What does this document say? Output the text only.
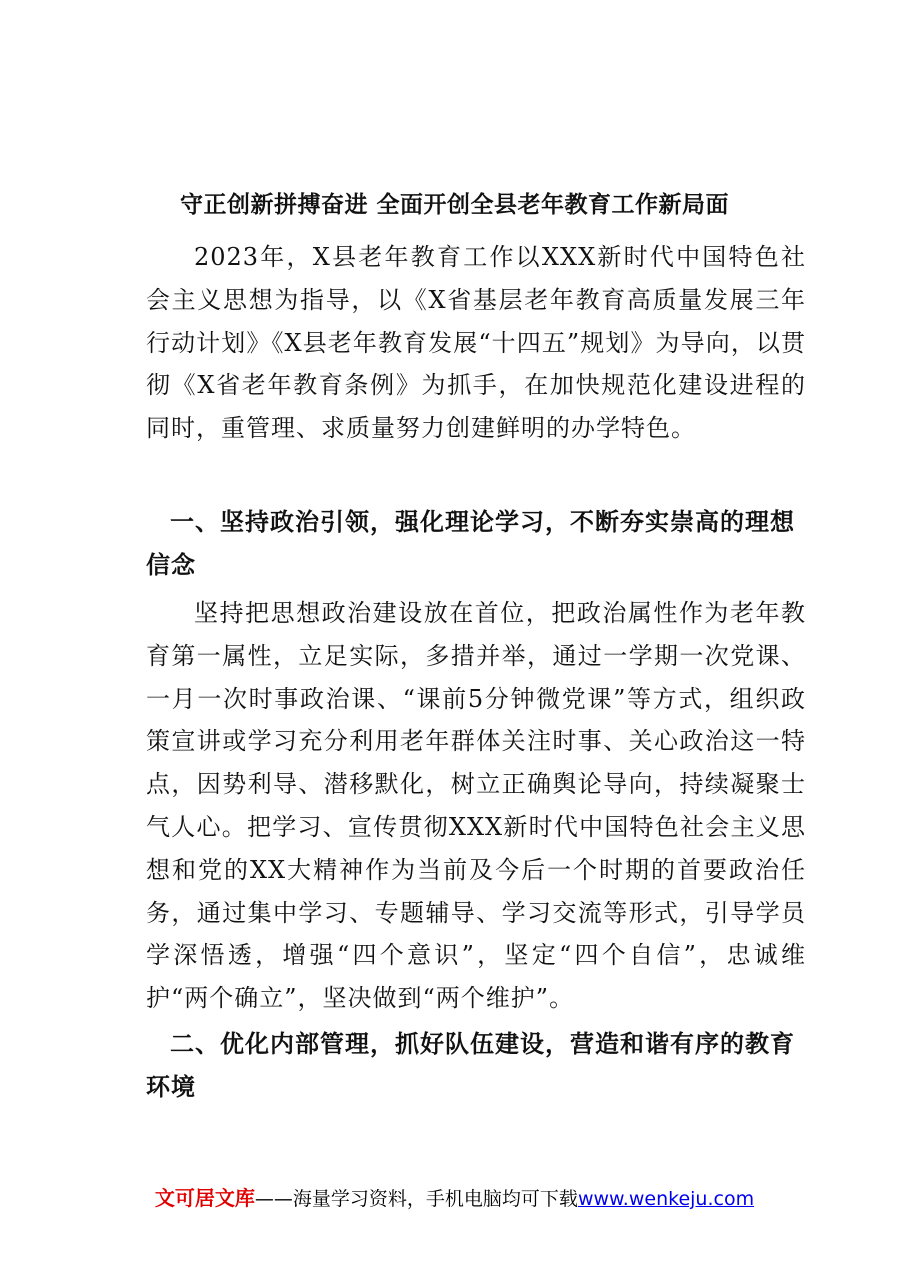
守正创新拼搏奋进 全面开创全县老年教育工作新局面
2023年，X县老年教育工作以XXX新时代中国特色社会主义思想为指导，以《X省基层老年教育高质量发展三年行动计划》《X县老年教育发展“十四五”规划》为导向，以贯彻《X省老年教育条例》为抓手，在加快规范化建设进程的同时，重管理、求质量努力创建鲜明的办学特色。
一、坚持政治引领，强化理论学习，不断夯实崇高的理想信念
坚持把思想政治建设放在首位，把政治属性作为老年教育第一属性，立足实际，多措并举，通过一学期一次党课、一月一次时事政治课、“课前5分钟微党课”等方式，组织政策宣讲或学习充分利用老年群体关注时事、关心政治这一特点，因势利导、潜移默化，树立正确舆论导向，持续凝聚士气人心。把学习、宣传贯彻XXX新时代中国特色社会主义思想和党的XX大精神作为当前及今后一个时期的首要政治任务，通过集中学习、专题辅导、学习交流等形式，引导学员学深悟透，增强“四个意识”，坚定“四个自信”，忠诚维护“两个确立”，坚决做到“两个维护”。
二、优化内部管理，抓好队伍建设，营造和谐有序的教育环境
文可居文库——海量学习资料，手机电脑均可下载www.wenkeju.com
